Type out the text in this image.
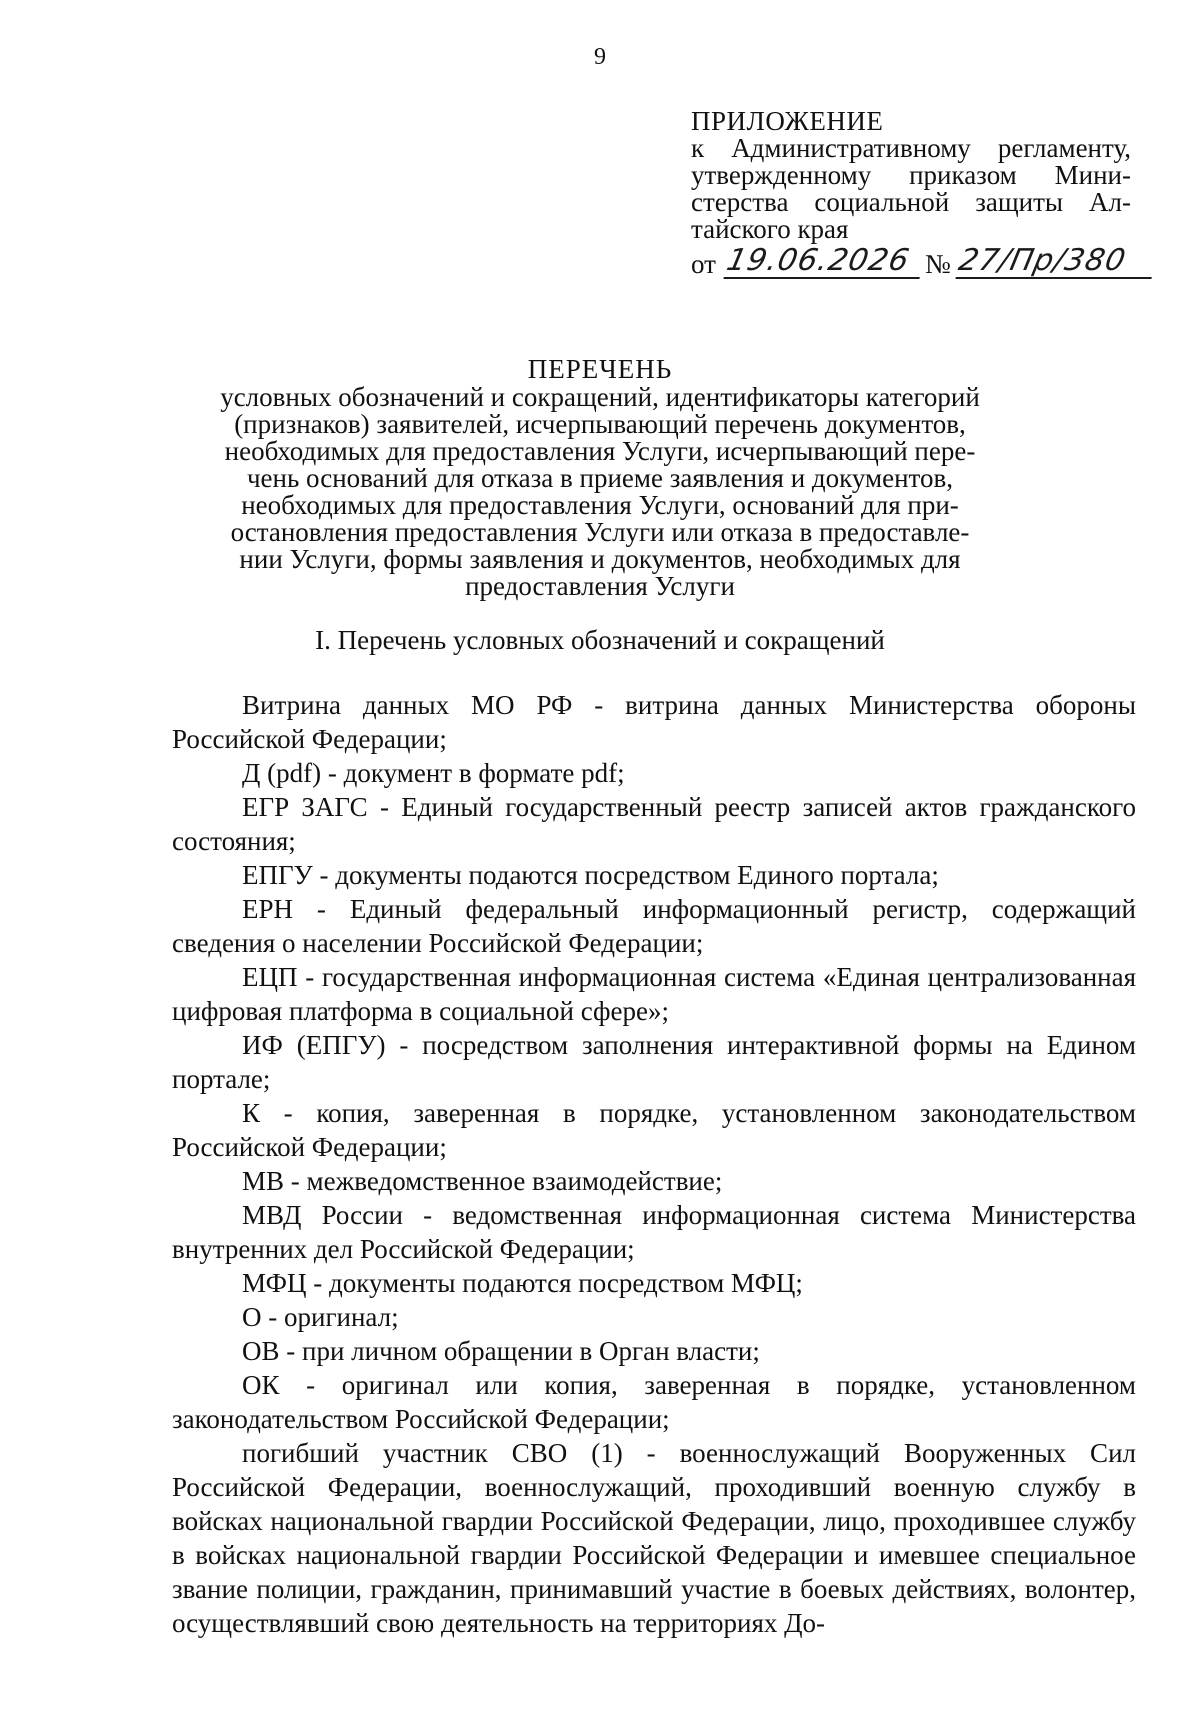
9
ПРИЛОЖЕНИЕ
к Административному регламенту,
утвержденному приказом Мини-
стерства социальной защиты Ал-
тайского края
от 19.06.2026 № 27/Пр/380
ПЕРЕЧЕНЬ
условных обозначений и сокращений, идентификаторы категорий
(признаков) заявителей, исчерпывающий перечень документов,
необходимых для предоставления Услуги, исчерпывающий пере-
чень оснований для отказа в приеме заявления и документов,
необходимых для предоставления Услуги, оснований для при-
остановления предоставления Услуги или отказа в предоставле-
нии Услуги, формы заявления и документов, необходимых для
предоставления Услуги
I. Перечень условных обозначений и сокращений

Витрина данных МО РФ - витрина данных Министерства обороны Российской Федерации;

Д (pdf) - документ в формате pdf;

ЕГР ЗАГС - Единый государственный реестр записей актов гражданского состояния;

ЕПГУ - документы подаются посредством Единого портала;

ЕРН - Единый федеральный информационный регистр, содержащий сведения о населении Российской Федерации;

ЕЦП - государственная информационная система «Единая централизованная цифровая платформа в социальной сфере»;

ИФ (ЕПГУ) - посредством заполнения интерактивной формы на Едином портале;

К - копия, заверенная в порядке, установленном законодательством Российской Федерации;

МВ - межведомственное взаимодействие;

МВД России - ведомственная информационная система Министерства внутренних дел Российской Федерации;

МФЦ - документы подаются посредством МФЦ;

О - оригинал;

ОВ - при личном обращении в Орган власти;

ОК - оригинал или копия, заверенная в порядке, установленном законодательством Российской Федерации;

погибший участник СВО (1) - военнослужащий Вооруженных Сил Российской Федерации, военнослужащий, проходивший военную службу в войсках национальной гвардии Российской Федерации, лицо, проходившее службу в войсках национальной гвардии Российской Федерации и имевшее специальное звание полиции, гражданин, принимавший участие в боевых действиях, волонтер, осуществлявший свою деятельность на территориях До-
